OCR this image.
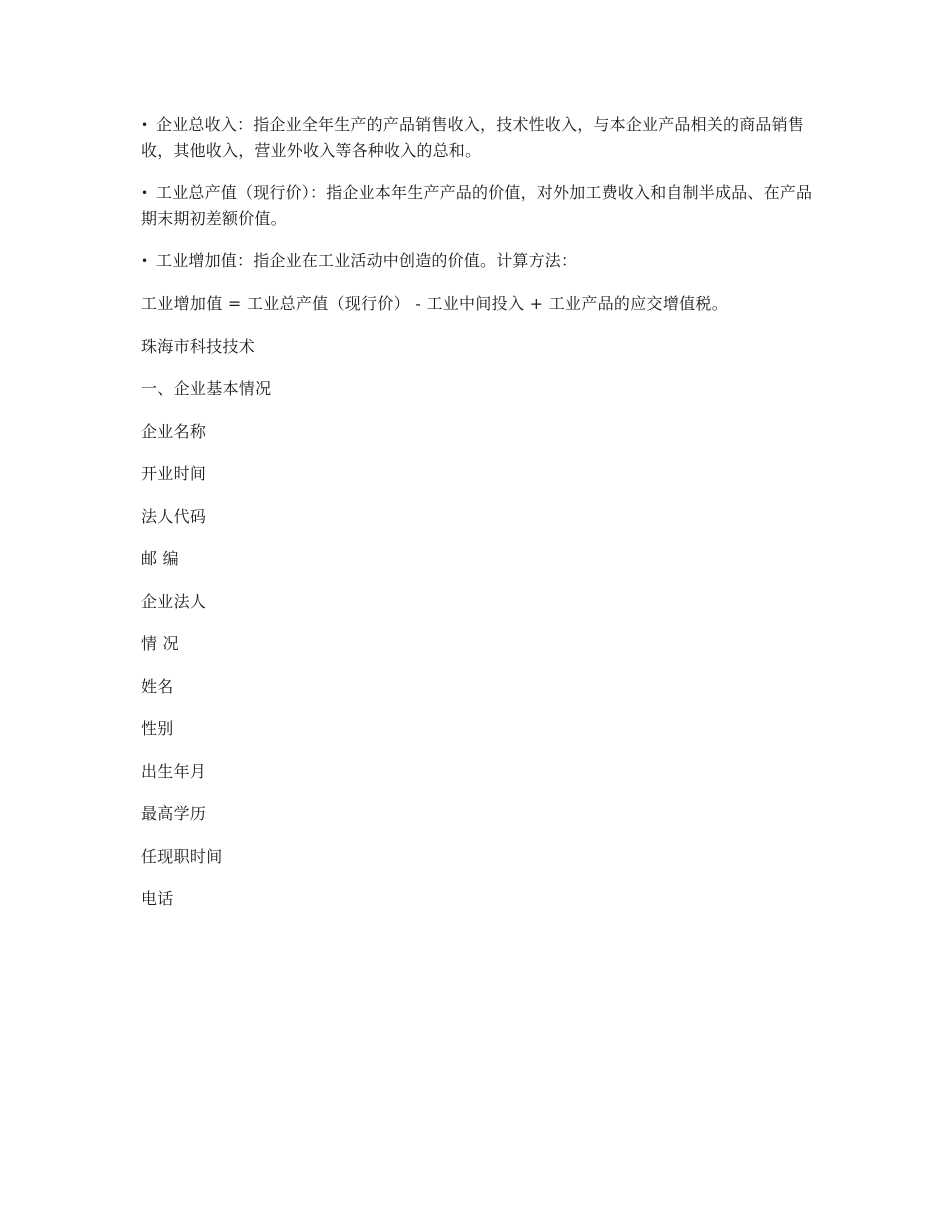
• 企业总收入：指企业全年生产的产品销售收入，技术性收入，与本企业产品相关的商品销售收，其他收入，营业外收入等各种收入的总和。

• 工业总产值（现行价）：指企业本年生产产品的价值，对外加工费收入和自制半成品、在产品期末期初差额价值。

• 工业增加值：指企业在工业活动中创造的价值。计算方法：

工业增加值 = 工业总产值（现行价） - 工业中间投入 + 工业产品的应交增值税。
珠海市科技技术
一、企业基本情况
企业名称
开业时间
法人代码
邮 编
企业法人
情 况
姓名
性别
出生年月
最高学历
任现职时间
电话
